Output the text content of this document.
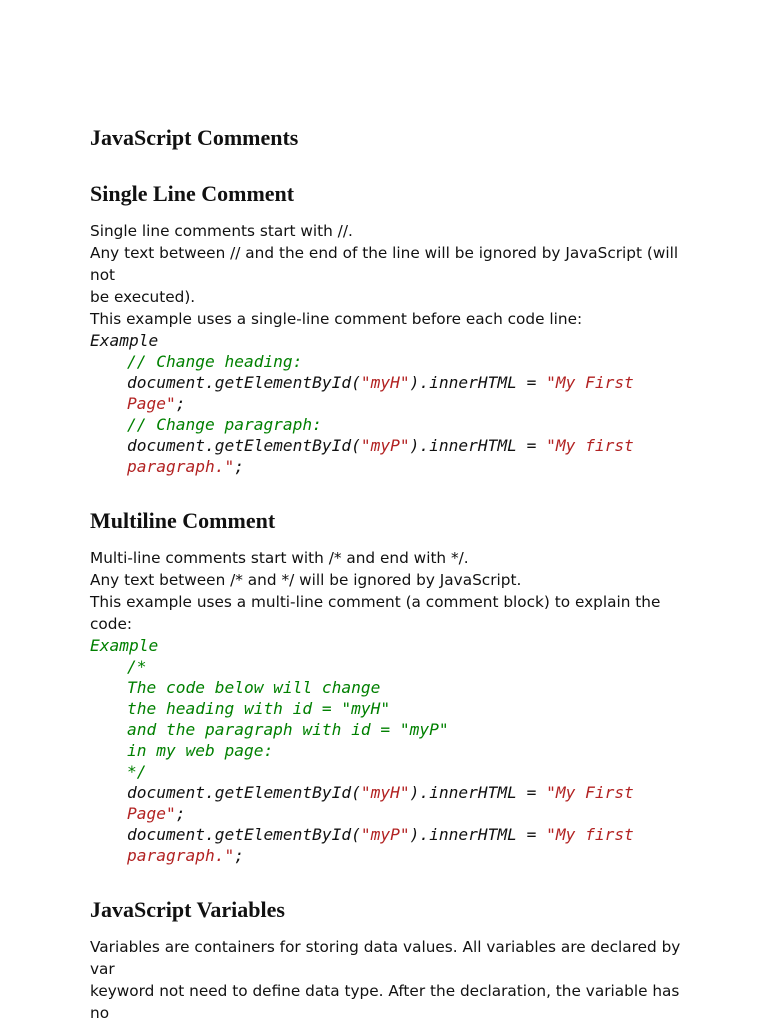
JavaScript Comments
Single Line Comment

Single line comments start with //.

Any text between // and the end of the line will be ignored by JavaScript (will not

be executed).

This example uses a single-line comment before each code line:

Example
// Change heading:
document.getElementById("myH").innerHTML = "My First
Page";
// Change paragraph:
document.getElementById("myP").innerHTML = "My first
paragraph.";
Multiline Comment

Multi-line comments start with /* and end with */.

Any text between /* and */ will be ignored by JavaScript.

This example uses a multi-line comment (a comment block) to explain the code:

Example
/*
The code below will change
the heading with id = "myH"
and the paragraph with id = "myP"
in my web page:
*/
document.getElementById("myH").innerHTML = "My First
Page";
document.getElementById("myP").innerHTML = "My first
paragraph.";
JavaScript Variables

Variables are containers for storing data values. All variables are declared by var

keyword not need to define data type. After the declaration, the variable has no
